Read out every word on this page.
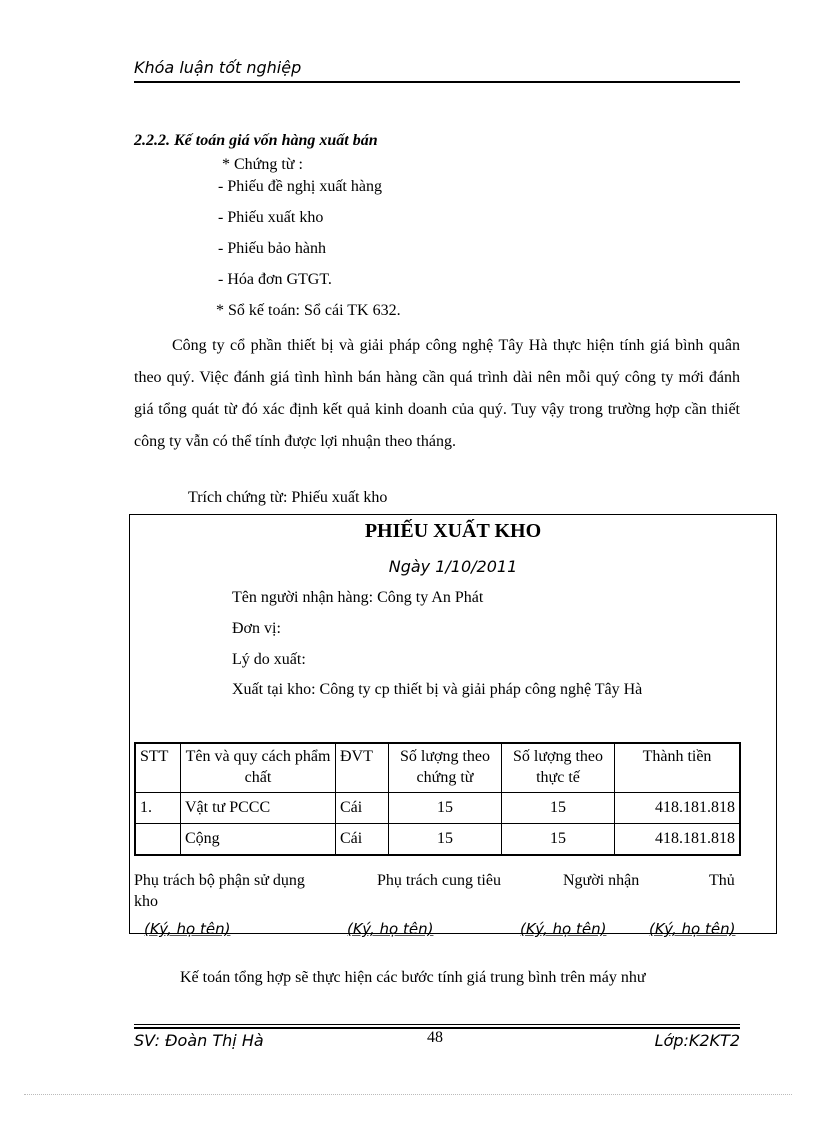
Khóa luận tốt nghiệp
2.2.2. Kế toán giá vốn hàng xuất bán
* Chứng từ :
- Phiếu đề nghị xuất hàng
- Phiếu xuất kho
- Phiếu bảo hành
- Hóa đơn GTGT.
* Sổ kế toán: Sổ cái TK 632.
Công ty cổ phần thiết bị và giải pháp công nghệ Tây Hà thực hiện tính giá bình quân theo quý. Việc đánh giá tình hình bán hàng cần quá trình dài nên mỗi quý công ty mới đánh giá tổng quát từ đó xác định kết quả kinh doanh của quý. Tuy vậy trong trường hợp cần thiết công ty vẫn có thể tính được lợi nhuận theo tháng.
Trích chứng từ: Phiếu xuất kho
PHIẾU XUẤT KHO
Ngày 1/10/2011
Tên người nhận hàng: Công ty An Phát
Đơn vị:
Lý do xuất:
Xuất tại kho: Công ty cp thiết bị và giải pháp công nghệ Tây Hà
STT	Tên và quy cách phẩm chất	ĐVT	Số lượng theo chứng từ	Số lượng theo thực tế	Thành tiền
1.	Vật tư PCCC	Cái	15	15	418.181.818
	Cộng	Cái	15	15	418.181.818
Phụ trách bộ phận sử dụng	Phụ trách cung tiêu	Người nhận	Thủ
kho
(Ký, họ tên)	(Ký, họ tên)	(Ký, họ tên)	(Ký, họ tên)
Kế toán tổng hợp sẽ thực hiện các bước tính giá trung bình trên máy như
SV: Đoàn Thị Hà	48	Lớp:K2KT2
